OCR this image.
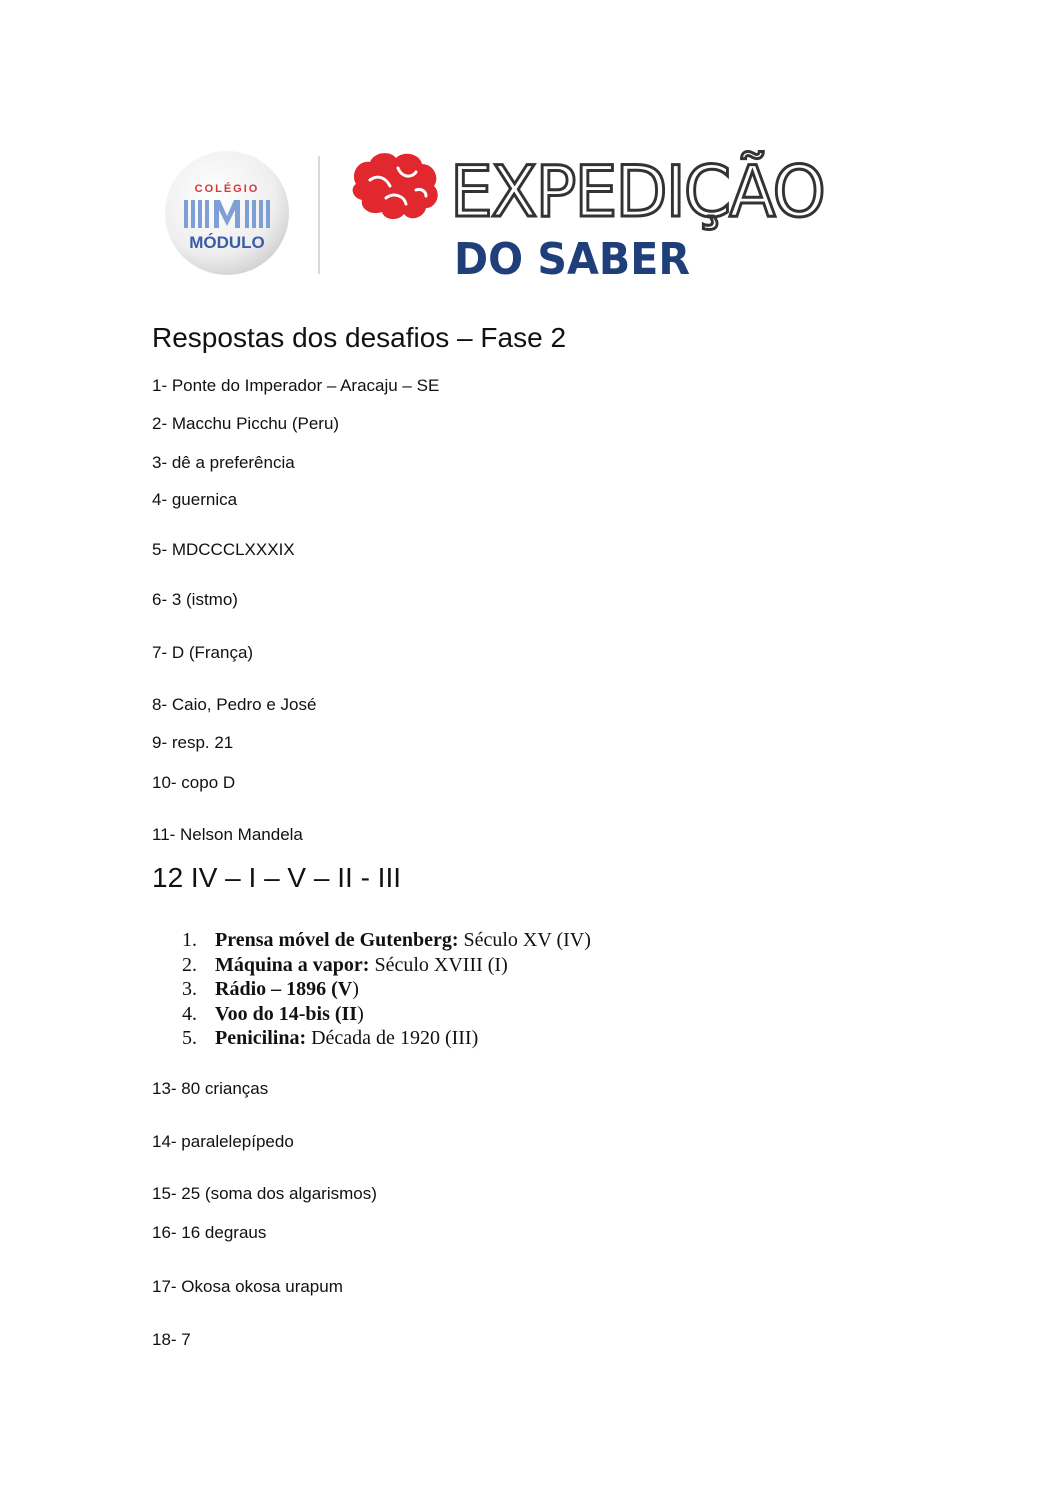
COLÉGIO
MÓDULO
EXPEDIÇÃO
DO SABER
Respostas dos desafios – Fase 2
1- Ponte do Imperador – Aracaju – SE
2- Macchu Picchu (Peru)
3- dê a preferência
4- guernica
5- MDCCCLXXXIX
6- 3 (istmo)
7- D (França)
8- Caio, Pedro e José
9- resp. 21
10- copo D
11- Nelson Mandela
12 IV – I – V – II - III
1. Prensa móvel de Gutenberg: Século XV (IV)
2. Máquina a vapor: Século XVIII (I)
3. Rádio – 1896 (V)
4. Voo do 14-bis (II)
5. Penicilina: Década de 1920 (III)
13- 80 crianças
14- paralelepípedo
15- 25 (soma dos algarismos)
16- 16 degraus
17- Okosa okosa urapum
18- 7
